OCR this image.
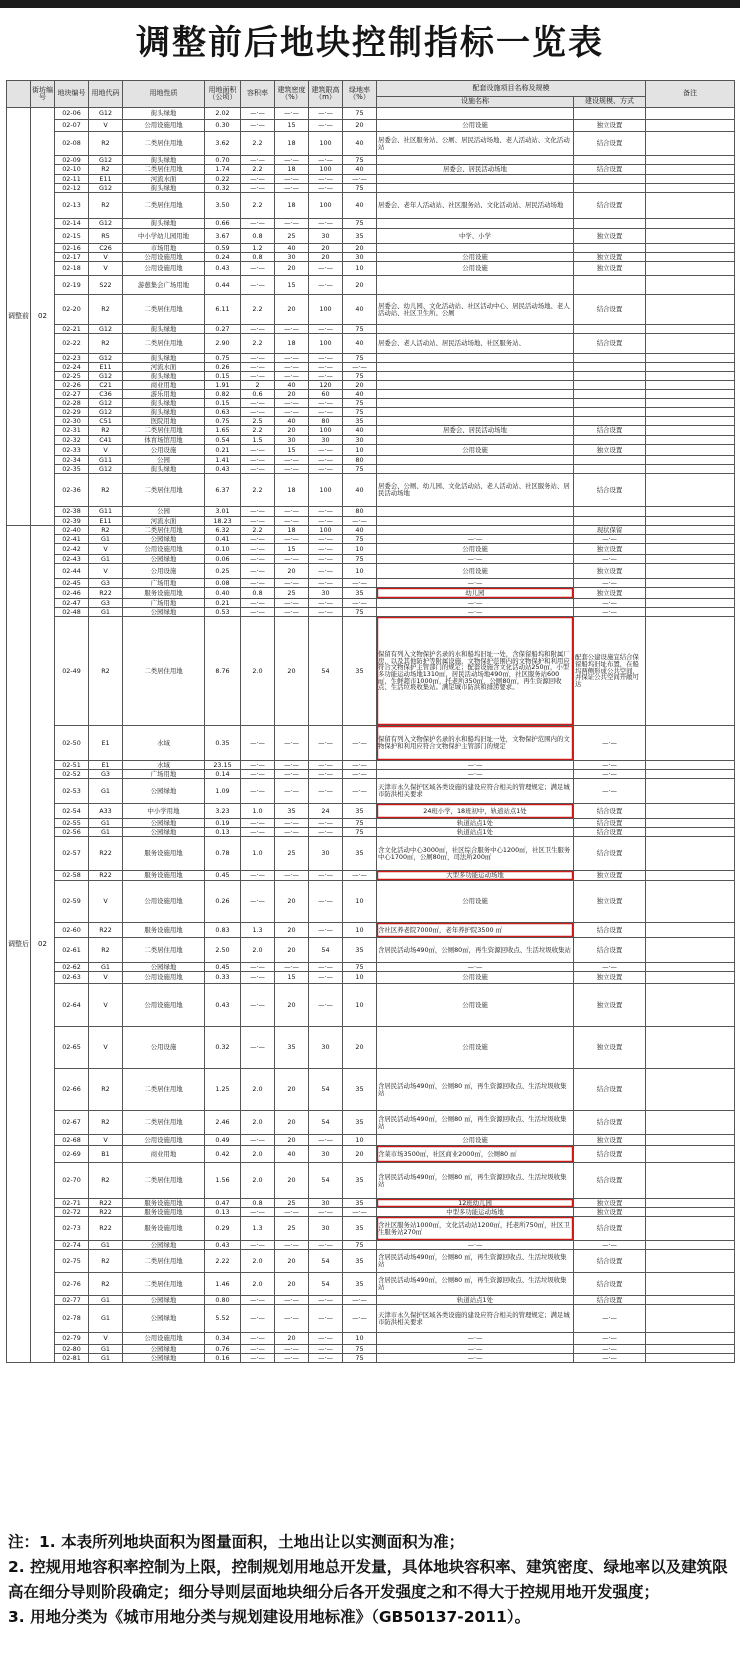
调整前后地块控制指标一览表
	街坊编号	地块编号	用地代码	用地性质	用地面积（公顷）	容积率	建筑密度（%）	建筑限高（m）	绿地率（%）	配套设施项目名称及规模		备注
										设施名称	建设规模、方式	
调整前	02	02-06	G12	街头绿地	2.02	—·—	—·—	—·—	75			
		02-07	V	公用设施用地	0.30	—·—	15	—·—	20	公用设施	独立设置	
		02-08	R2	二类居住用地	3.62	2.2	18	100	40	居委会、社区服务站、公厕、居民活动场地、老人活动站、文化活动站	结合设置	
		02-09	G12	街头绿地	0.70	—·—	—·—	—·—	75			
		02-10	R2	二类居住用地	1.74	2.2	18	100	40	居委会、居民活动场地	结合设置	
		02-11	E11	河流水面	0.22	—·—	—·—	—·—	—·—			
		02-12	G12	街头绿地	0.32	—·—	—·—	—·—	75			
		02-13	R2	二类居住用地	3.50	2.2	18	100	40	居委会、老年人活动站、社区服务站、文化活动站、居民活动场地	结合设置	
		02-14	G12	街头绿地	0.66	—·—	—·—	—·—	75			
		02-15	R5	中小学幼儿园用地	3.67	0.8	25	30	35	中学、小学	独立设置	
		02-16	C26	市场用地	0.59	1.2	40	20	20			
		02-17	V	公用设施用地	0.24	0.8	30	20	30	公用设施	独立设置	
		02-18	V	公用设施用地	0.43	—·—	20	—·—	10	公用设施	独立设置	
		02-19	S22	游憩集会广场用地	0.44	—·—	15	—·—	20			
		02-20	R2	二类居住用地	6.11	2.2	20	100	40	居委会、幼儿园、文化活动站、社区活动中心、居民活动场地、老人活动站、社区卫生所、公厕	结合设置	
		02-21	G12	街头绿地	0.27	—·—	—·—	—·—	75			
		02-22	R2	二类居住用地	2.90	2.2	18	100	40	居委会、老人活动站、居民活动场地、社区服务站、	结合设置	
		02-23	G12	街头绿地	0.75	—·—	—·—	—·—	75			
		02-24	E11	河流水面	0.26	—·—	—·—	—·—	—·—			
		02-25	G12	街头绿地	0.15	—·—	—·—	—·—	75			
		02-26	C21	商业用地	1.91	2	40	120	20			
		02-27	C36	游乐用地	0.82	0.6	20	60	40			
		02-28	G12	街头绿地	0.15	—·—	—·—	—·—	75			
		02-29	G12	街头绿地	0.63	—·—	—·—	—·—	75			
		02-30	C51	医院用地	0.75	2.5	40	80	35			
		02-31	R2	二类居住用地	1.65	2.2	20	100	40	居委会、居民活动场地	结合设置	
		02-32	C41	体育场馆用地	0.54	1.5	30	30	30			
		02-33	V	公用设施	0.21	—·—	15	—·—	10	公用设施	独立设置	
		02-34	G11	公园	1.41	—·—	—·—	—·—	80			
		02-35	G12	街头绿地	0.43	—·—	—·—	—·—	75			
		02-36	R2	二类居住用地	6.37	2.2	18	100	40	居委会、公厕、幼儿园、文化活动站、老人活动站、社区服务站、居民活动场地	结合设置	
		02-38	G11	公园	3.01	—·—	—·—	—·—	80			
		02-39	E11	河流水面	18.23	—·—	—·—	—·—	—·—			
调整后	02	02-40	R2	二类居住用地	6.32	2.2	18	100	40		现状保留	
		02-41	G1	公园绿地	0.41	—·—	—·—	—·—	75	—·—	—·—	
		02-42	V	公用设施用地	0.10	—·—	15	—·—	10	公用设施	独立设置	
		02-43	G1	公园绿地	0.06	—·—	—·—	—·—	75	—·—	—·—	
		02-44	V	公用设施	0.25	—·—	20	—·—	10	公用设施	独立设置	
		02-45	G3	广场用地	0.08	—·—	—·—	—·—	—·—	—·—	—·—	
		02-46	R22	服务设施用地	0.40	0.8	25	30	35	幼儿园	独立设置	
		02-47	G3	广场用地	0.21	—·—	—·—	—·—	—·—	—·—	—·—	
		02-48	G1	公园绿地	0.53	—·—	—·—	—·—	75	—·—	—·—	
		02-49	R2	二类居住用地	8.76	2.0	20	54	35	保留有列入文物保护名录的水和船坞旧址一处，含保留船坞和附属厂房，以及其他防护等附属设施，文物保护范围内的文物保护和利用应符合文物保护主管部门的规定；配套设施含文化活动站250㎡，小型多功能运动场地1310㎡，居民活动场地490㎡，社区服务站600㎡，生鲜超市1000㎡，托老所350㎡，公厕80㎡，再生资源回收点、生活垃圾收集站。满足城市防洪和排涝要求。	配套公建设施宜结合保留船坞旧址布置，在船坞两侧形成公共空间，并保证公共空间开敞可达	
		02-50	E1	水域	0.35	—·—	—·—	—·—	—·—	保留有列入文物保护名录的水和船坞旧址一处，文物保护范围内的文物保护和利用应符合文物保护主管部门的规定	—·—	
		02-51	E1	水域	23.15	—·—	—·—	—·—	—·—	—·—	—·—	
		02-52	G3	广场用地	0.14	—·—	—·—	—·—	—·—	—·—	—·—	
		02-53	G1	公园绿地	1.09	—·—	—·—	—·—	—·—	天津市永久保护区域各类设施的建设应符合相关的管理规定；满足城市防洪相关要求	—·—	
		02-54	A33	中小学用地	3.23	1.0	35	24	35	24班小学，18班初中，轨道站点1处	结合设置	
		02-55	G1	公园绿地	0.19	—·—	—·—	—·—	75	轨道站点1处	结合设置	
		02-56	G1	公园绿地	0.13	—·—	—·—	—·—	75	轨道站点1处	结合设置	
		02-57	R22	服务设施用地	0.78	1.0	25	30	35	含文化活动中心3000㎡，社区综合服务中心1200㎡，社区卫生服务中心1700㎡，公厕80㎡，司法所200㎡	结合设置	
		02-58	R22	服务设施用地	0.45	—·—	—·—	—·—	—·—	大型多功能运动场地	独立设置	
		02-59	V	公用设施用地	0.26	—·—	20	—·—	10	公用设施	独立设置	
		02-60	R22	服务设施用地	0.83	1.3	20	—·—	10	含社区养老院7000㎡，老年养护院3500 ㎡	结合设置	
		02-61	R2	二类居住用地	2.50	2.0	20	54	35	含居民活动场490㎡，公厕80㎡，再生资源回收点、生活垃圾收集站	结合设置	
		02-62	G1	公园绿地	0.45	—·—	—·—	—·—	75	—·—	—·—	
		02-63	V	公用设施用地	0.33	—·—	15	—·—	10	公用设施	独立设置	
		02-64	V	公用设施用地	0.43	—·—	20	—·—	10	公用设施	独立设置	
		02-65	V	公用设施	0.32	—·—	35	30	20	公用设施	独立设置	
		02-66	R2	二类居住用地	1.25	2.0	20	54	35	含居民活动场490㎡，公厕80 ㎡，再生资源回收点、生活垃圾收集站	结合设置	
		02-67	R2	二类居住用地	2.46	2.0	20	54	35	含居民活动场490㎡，公厕80 ㎡，再生资源回收点、生活垃圾收集站	结合设置	
		02-68	V	公用设施用地	0.49	—·—	20	—·—	10	公用设施	独立设置	
		02-69	B1	商业用地	0.42	2.0	40	30	20	含菜市场3500㎡，社区商业2000㎡，公厕80 ㎡	结合设置	
		02-70	R2	二类居住用地	1.56	2.0	20	54	35	含居民活动场490㎡，公厕80 ㎡，再生资源回收点、生活垃圾收集站	结合设置	
		02-71	R22	服务设施用地	0.47	0.8	25	30	35	12班幼儿园	独立设置	
		02-72	R22	服务设施用地	0.13	—·—	—·—	—·—	—·—	中型多功能运动场地	独立设置	
		02-73	R22	服务设施用地	0.29	1.3	25	30	35	含社区服务站1000㎡，文化活动站1200㎡，托老所750㎡，社区卫生服务站270㎡	结合设置	
		02-74	G1	公园绿地	0.43	—·—	—·—	—·—	75	—·—	—·—	
		02-75	R2	二类居住用地	2.22	2.0	20	54	35	含居民活动场490㎡，公厕80 ㎡，再生资源回收点、生活垃圾收集站	结合设置	
		02-76	R2	二类居住用地	1.46	2.0	20	54	35	含居民活动场490㎡，公厕80 ㎡，再生资源回收点、生活垃圾收集站	结合设置	
		02-77	G1	公园绿地	0.80	—·—	—·—	—·—	—·—	轨道站点1处	结合设置	
		02-78	G1	公园绿地	5.52	—·—	—·—	—·—	—·—	天津市永久保护区域各类设施的建设应符合相关的管理规定；满足城市防洪相关要求	—·—	
		02-79	V	公用设施用地	0.34	—·—	20	—·—	10	—·—	—·—	
		02-80	G1	公园绿地	0.76	—·—	—·—	—·—	75	—·—	—·—	
		02-81	G1	公园绿地	0.16	—·—	—·—	—·—	75	—·—	—·—	

注：1. 本表所列地块面积为图量面积，土地出让以实测面积为准；

2. 控规用地容积率控制为上限，控制规划用地总开发量，具体地块容积率、建筑密度、绿地率以及建筑限高在细分导则阶段确定；细分导则层面地块细分后各开发强度之和不得大于控规用地开发强度；

3. 用地分类为《城市用地分类与规划建设用地标准》（GB50137-2011）。
